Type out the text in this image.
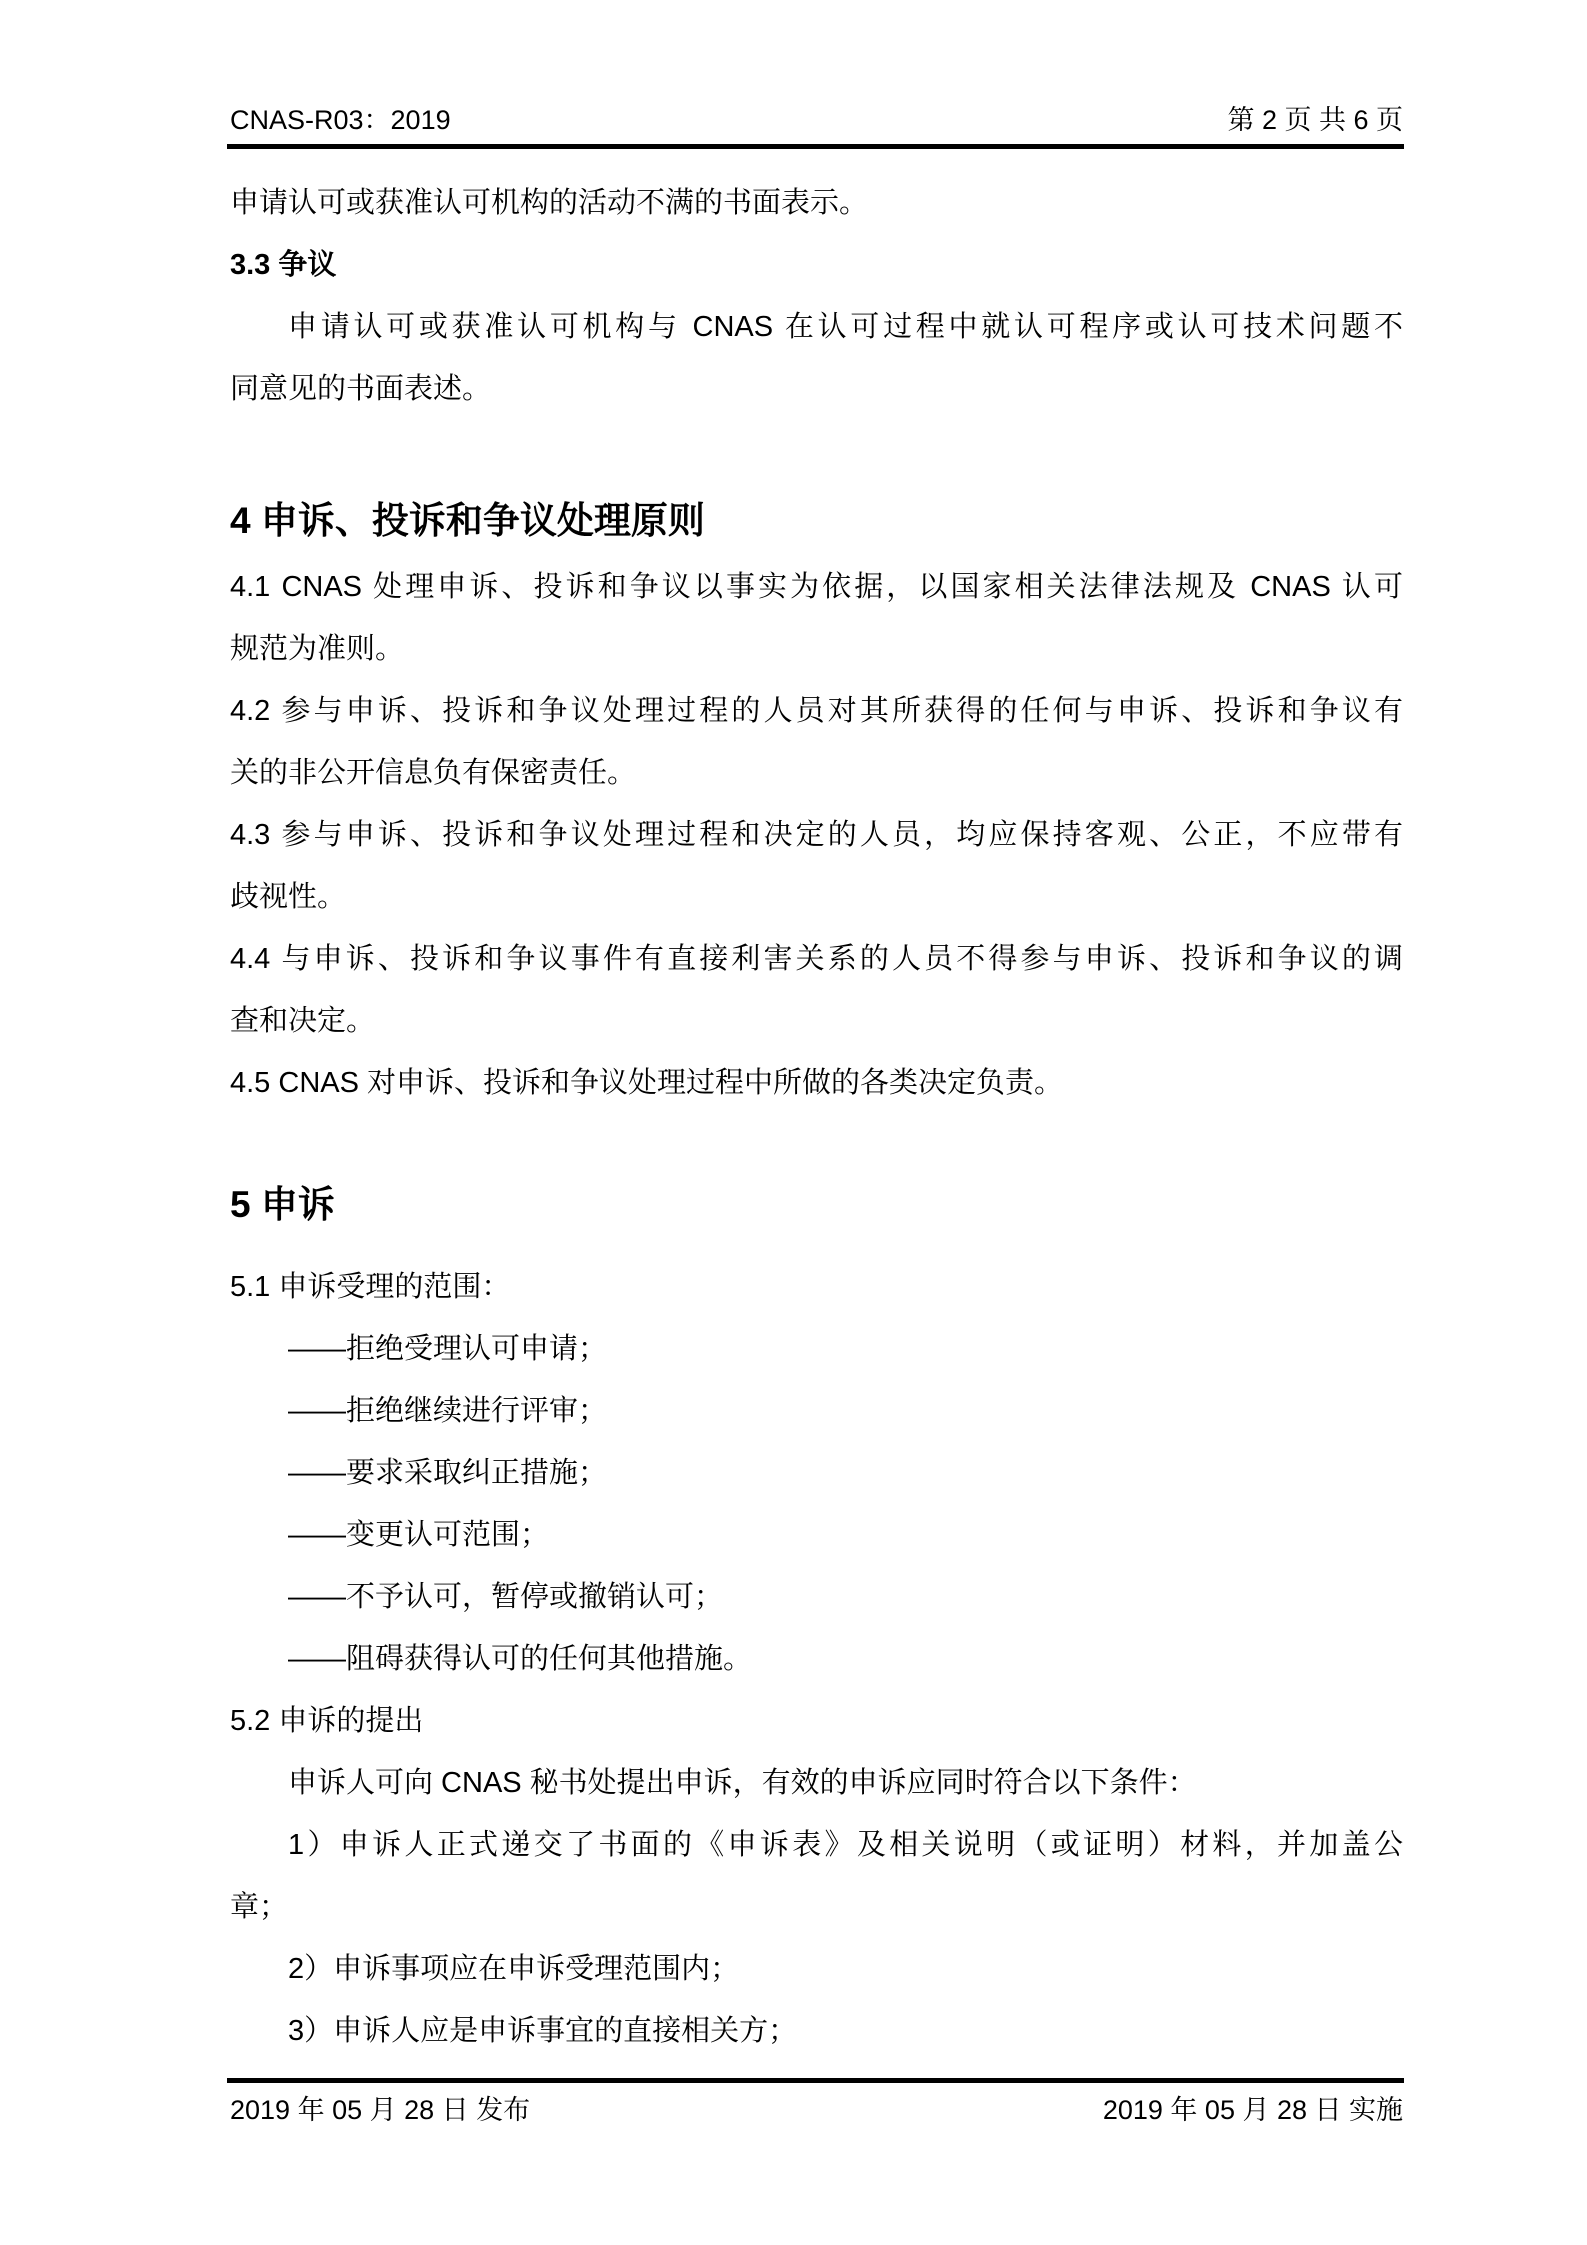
CNAS-R03：2019	第 2 页 共 6 页
申请认可或获准认可机构的活动不满的书面表示。
3.3 争议
申请认可或获准认可机构与 CNAS 在认可过程中就认可程序或认可技术问题不
同意见的书面表述。
4 申诉、投诉和争议处理原则
4.1 CNAS 处理申诉、投诉和争议以事实为依据，以国家相关法律法规及 CNAS 认可
规范为准则。
4.2 参与申诉、投诉和争议处理过程的人员对其所获得的任何与申诉、投诉和争议有
关的非公开信息负有保密责任。
4.3 参与申诉、投诉和争议处理过程和决定的人员，均应保持客观、公正，不应带有
歧视性。
4.4 与申诉、投诉和争议事件有直接利害关系的人员不得参与申诉、投诉和争议的调
查和决定。
4.5 CNAS 对申诉、投诉和争议处理过程中所做的各类决定负责。
5 申诉
5.1 申诉受理的范围：
——拒绝受理认可申请；
——拒绝继续进行评审；
——要求采取纠正措施；
——变更认可范围；
——不予认可，暂停或撤销认可；
——阻碍获得认可的任何其他措施。
5.2 申诉的提出
申诉人可向 CNAS 秘书处提出申诉，有效的申诉应同时符合以下条件：
1）申诉人正式递交了书面的《申诉表》及相关说明（或证明）材料，并加盖公
章；
2）申诉事项应在申诉受理范围内；
3）申诉人应是申诉事宜的直接相关方；
2019 年 05 月 28 日 发布	2019 年 05 月 28 日 实施
